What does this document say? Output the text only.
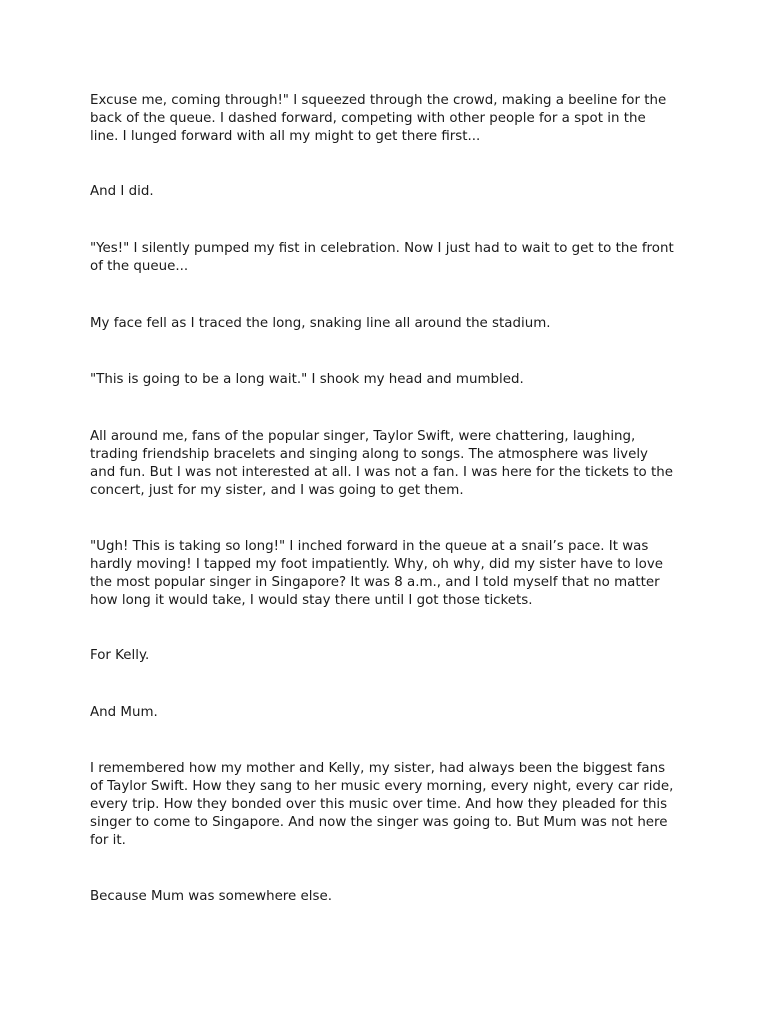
Excuse me, coming through!" I squeezed through the crowd, making a beeline for the back of the queue. I dashed forward, competing with other people for a spot in the line. I lunged forward with all my might to get there first...

And I did.

"Yes!" I silently pumped my fist in celebration. Now I just had to wait to get to the front of the queue...

My face fell as I traced the long, snaking line all around the stadium.

"This is going to be a long wait." I shook my head and mumbled.

All around me, fans of the popular singer, Taylor Swift, were chattering, laughing, trading friendship bracelets and singing along to songs. The atmosphere was lively and fun. But I was not interested at all. I was not a fan. I was here for the tickets to the concert, just for my sister, and I was going to get them.

"Ugh! This is taking so long!" I inched forward in the queue at a snail’s pace. It was hardly moving! I tapped my foot impatiently. Why, oh why, did my sister have to love the most popular singer in Singapore? It was 8 a.m., and I told myself that no matter how long it would take, I would stay there until I got those tickets.

For Kelly.

And Mum.

I remembered how my mother and Kelly, my sister, had always been the biggest fans of Taylor Swift. How they sang to her music every morning, every night, every car ride, every trip. How they bonded over this music over time. And how they pleaded for this singer to come to Singapore. And now the singer was going to. But Mum was not here for it.

Because Mum was somewhere else.
